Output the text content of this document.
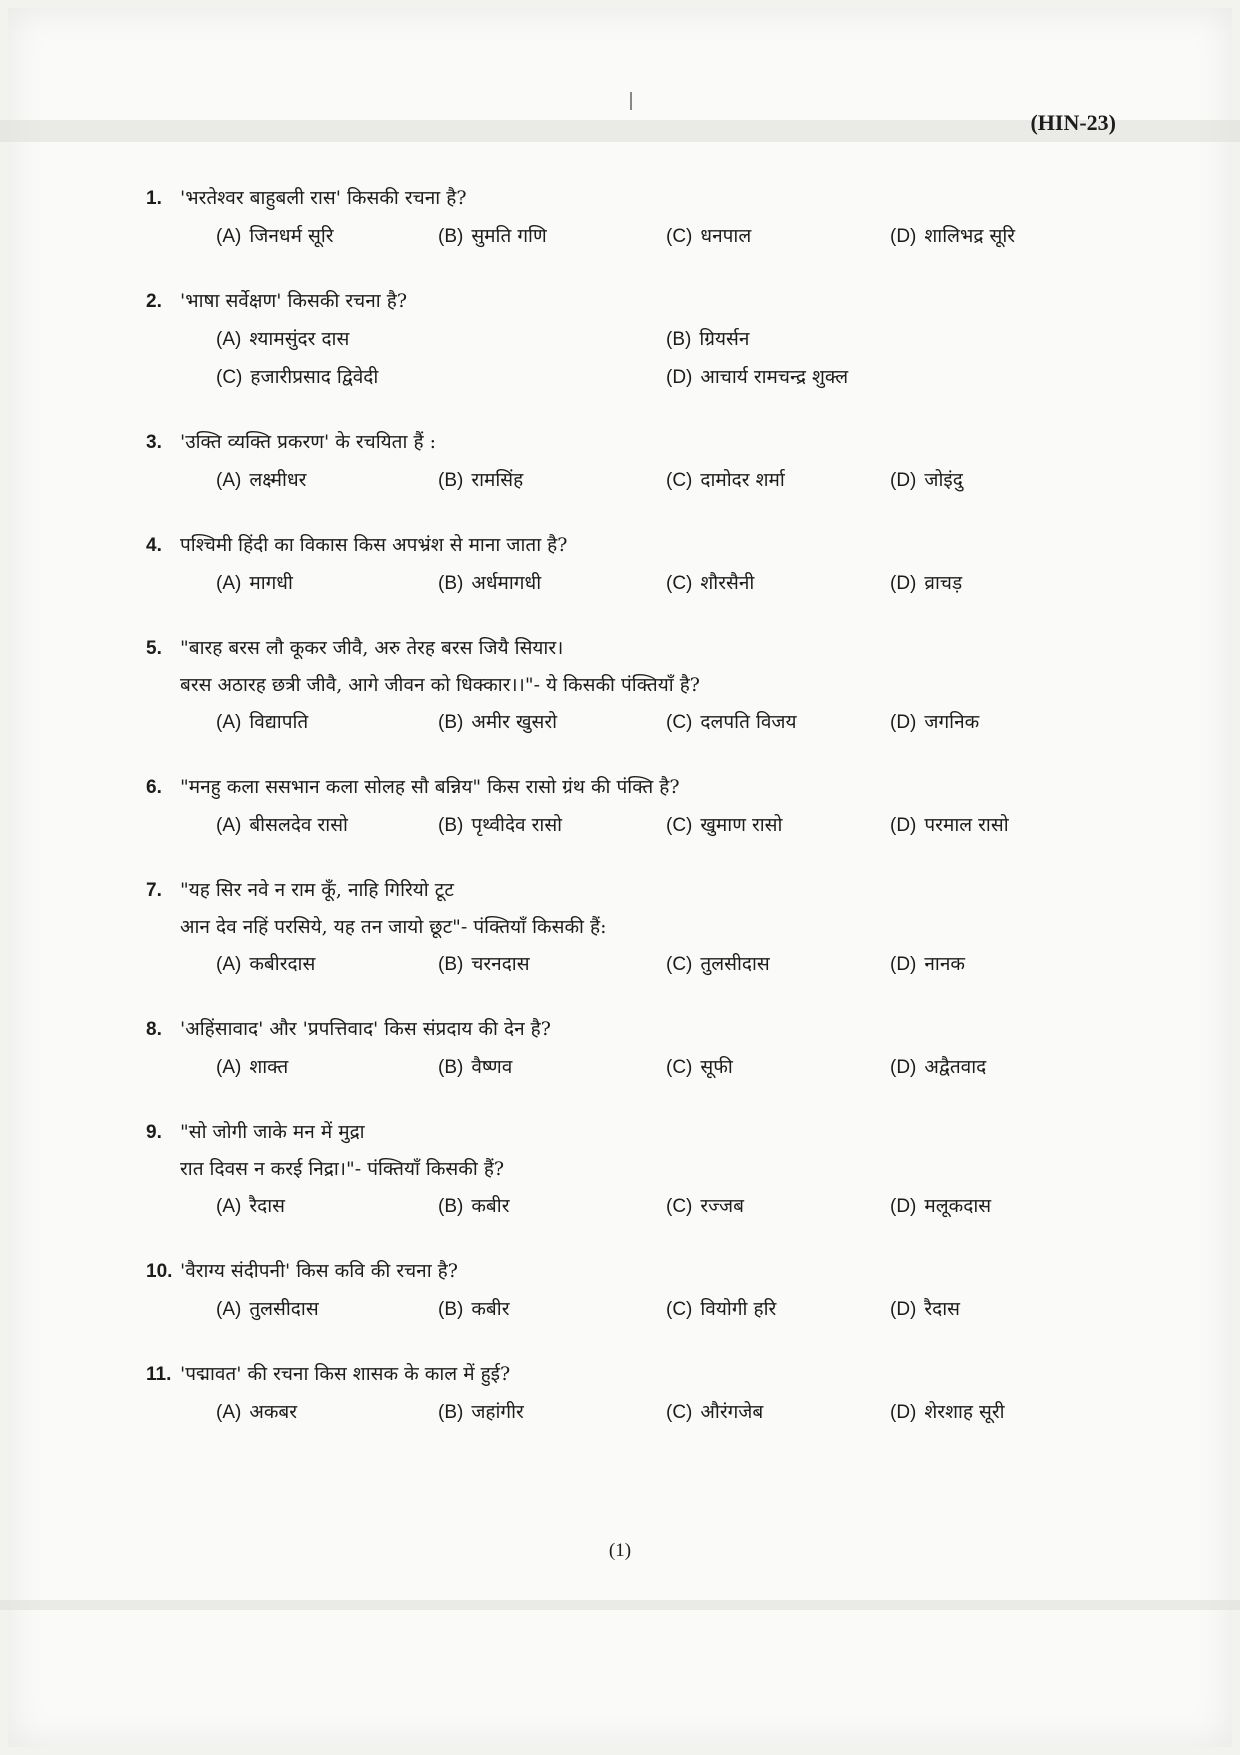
(HIN-23)
1. 'भरतेश्वर बाहुबली रास' किसकी रचना है?
(A) जिनधर्म सूरि	(B) सुमति गणि	(C) धनपाल	(D) शालिभद्र सूरि
2. 'भाषा सर्वेक्षण' किसकी रचना है?
(A) श्यामसुंदर दास	(B) ग्रियर्सन
(C) हजारीप्रसाद द्विवेदी	(D) आचार्य रामचन्द्र शुक्ल
3. 'उक्ति व्यक्ति प्रकरण' के रचयिता हैं :
(A) लक्ष्मीधर	(B) रामसिंह	(C) दामोदर शर्मा	(D) जोइंदु
4. पश्चिमी हिंदी का विकास किस अपभ्रंश से माना जाता है?
(A) मागधी	(B) अर्धमागधी	(C) शौरसैनी	(D) व्राचड़
5. "बारह बरस लौ कूकर जीवै, अरु तेरह बरस जियै सियार।
बरस अठारह छत्री जीवै, आगे जीवन को धिक्कार।।"- ये किसकी पंक्तियाँ है?
(A) विद्यापति	(B) अमीर खुसरो	(C) दलपति विजय	(D) जगनिक
6. "मनहु कला ससभान कला सोलह सौ बन्निय" किस रासो ग्रंथ की पंक्ति है?
(A) बीसलदेव रासो	(B) पृथ्वीदेव रासो	(C) खुमाण रासो	(D) परमाल रासो
7. "यह सिर नवे न राम कूँ, नाहि गिरियो टूट
आन देव नहिं परसिये, यह तन जायो छूट"- पंक्तियाँ किसकी हैं:
(A) कबीरदास	(B) चरनदास	(C) तुलसीदास	(D) नानक
8. 'अहिंसावाद' और 'प्रपत्तिवाद' किस संप्रदाय की देन है?
(A) शाक्त	(B) वैष्णव	(C) सूफी	(D) अद्वैतवाद
9. "सो जोगी जाके मन में मुद्रा
रात दिवस न करई निद्रा।"- पंक्तियाँ किसकी हैं?
(A) रैदास	(B) कबीर	(C) रज्जब	(D) मलूकदास
10. 'वैराग्य संदीपनी' किस कवि की रचना है?
(A) तुलसीदास	(B) कबीर	(C) वियोगी हरि	(D) रैदास
11. 'पद्मावत' की रचना किस शासक के काल में हुई?
(A) अकबर	(B) जहांगीर	(C) औरंगजेब	(D) शेरशाह सूरी
(1)
